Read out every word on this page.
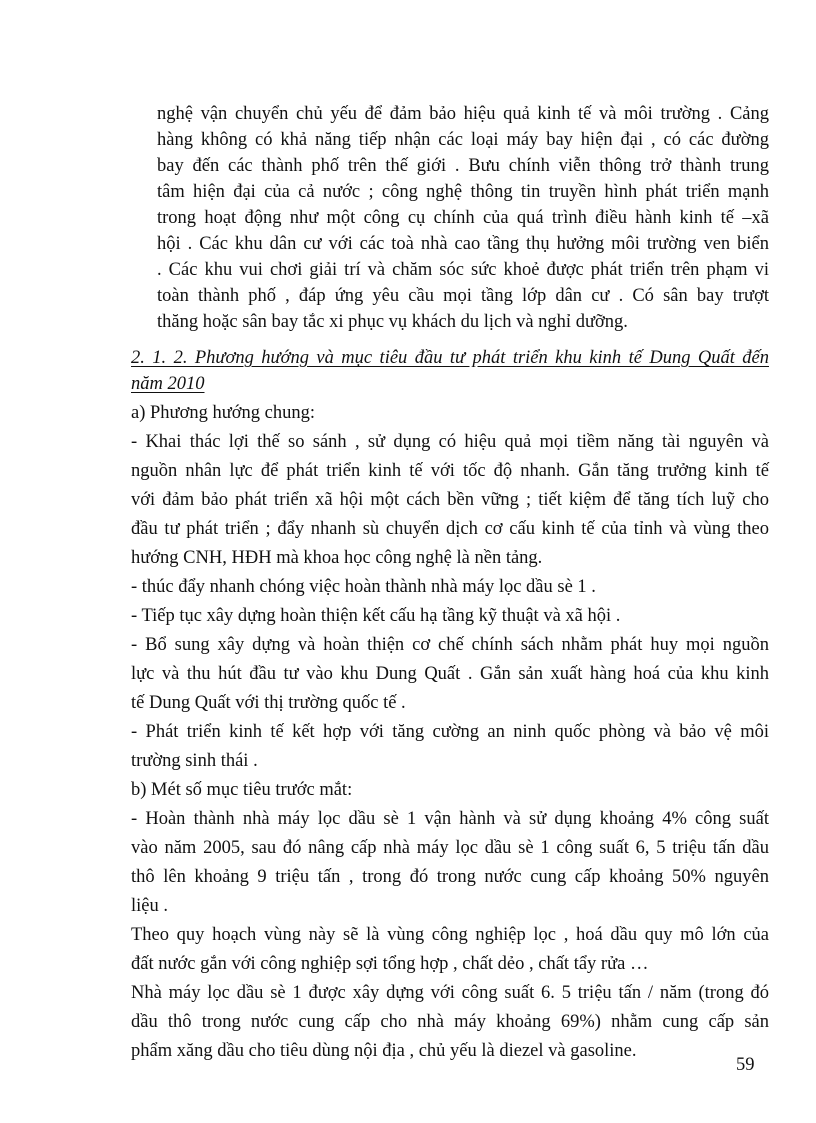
nghệ vận chuyển chủ yếu để đảm bảo hiệu quả kinh tế và môi trường . Cảng
hàng không có khả năng tiếp nhận các loại máy bay hiện đại , có các đường
bay đến các thành phố trên thế giới . Bưu chính viễn thông trở thành trung
tâm hiện đại của cả nước ; công nghệ thông tin truyền hình phát triển mạnh
trong hoạt động như một công cụ chính của quá trình điều hành kinh tế –xã
hội . Các khu dân cư với các toà nhà cao tầng thụ hưởng môi trường ven biển
. Các khu vui chơi giải trí và chăm sóc sức khoẻ được phát triển trên phạm vi
toàn thành phố , đáp ứng yêu cầu mọi tầng lớp dân cư . Có sân bay trượt
thăng hoặc sân bay tắc xi phục vụ khách du lịch và nghỉ dưỡng.
2. 1. 2. Phương hướng và mục tiêu đầu tư phát triển khu kinh tế Dung Quất đến
năm 2010
a) Phương hướng chung:
- Khai thác lợi thế so sánh , sử dụng có hiệu quả mọi tiềm năng tài nguyên và
nguồn nhân lực để phát triển kinh tế với tốc độ nhanh. Gắn tăng trưởng kinh tế
với đảm bảo phát triển xã hội một cách bền vững ; tiết kiệm để tăng tích luỹ cho
đầu tư phát triển ; đẩy nhanh sù chuyển dịch cơ cấu kinh tế của tỉnh và vùng theo
hướng CNH, HĐH mà khoa học công nghệ là nền tảng.
- thúc đẩy nhanh chóng việc hoàn thành nhà máy lọc dầu sè 1 .
- Tiếp tục xây dựng hoàn thiện kết cấu hạ tầng kỹ thuật và xã hội .
- Bổ sung xây dựng và hoàn thiện cơ chế chính sách nhằm phát huy mọi nguồn
lực và thu hút đầu tư vào khu Dung Quất . Gắn sản xuất hàng hoá của khu kinh
tế Dung Quất với thị trường quốc tế .
- Phát triển kinh tế kết hợp với tăng cường an ninh quốc phòng và bảo vệ môi
trường sinh thái .
b) Mét số mục tiêu trước mắt:
- Hoàn thành nhà máy lọc dầu sè 1 vận hành và sử dụng khoảng 4% công suất
vào năm 2005, sau đó nâng cấp nhà máy lọc dầu sè 1 công suất 6, 5 triệu tấn dầu
thô lên khoảng 9 triệu tấn , trong đó trong nước cung cấp khoảng 50% nguyên
liệu .
Theo quy hoạch vùng này sẽ là vùng công nghiệp lọc , hoá dầu quy mô lớn của
đất nước gắn với công nghiệp sợi tổng hợp , chất dẻo , chất tẩy rửa …
Nhà máy lọc dầu sè 1 được xây dựng với công suất 6. 5 triệu tấn / năm (trong đó
dầu thô trong nước cung cấp cho nhà máy khoảng 69%) nhằm cung cấp sản
phẩm xăng dầu cho tiêu dùng nội địa , chủ yếu là diezel và gasoline.
59
